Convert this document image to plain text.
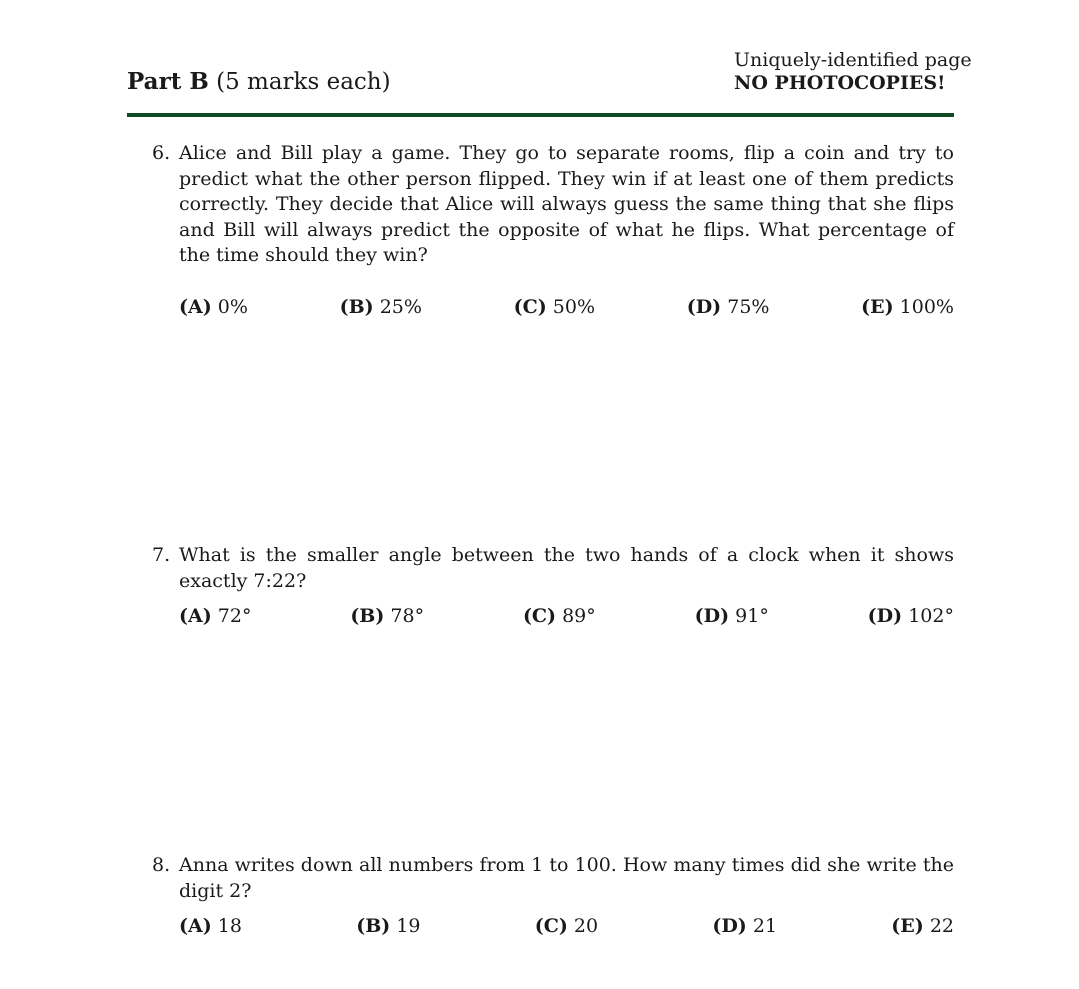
Part B (5 marks each)
Uniquely-identified page
NO PHOTOCOPIES!
6. Alice and Bill play a game. They go to separate rooms, flip a coin and try to predict what the other person flipped. They win if at least one of them predicts correctly. They decide that Alice will always guess the same thing that she flips and Bill will always predict the opposite of what he flips. What percentage of the time should they win?
(A) 0%	(B) 25%	(C) 50%	(D) 75%	(E) 100%
7. What is the smaller angle between the two hands of a clock when it shows exactly 7:22?
(A) 72°	(B) 78°	(C) 89°	(D) 91°	(D) 102°
8. Anna writes down all numbers from 1 to 100. How many times did she write the digit 2?
(A) 18	(B) 19	(C) 20	(D) 21	(E) 22
